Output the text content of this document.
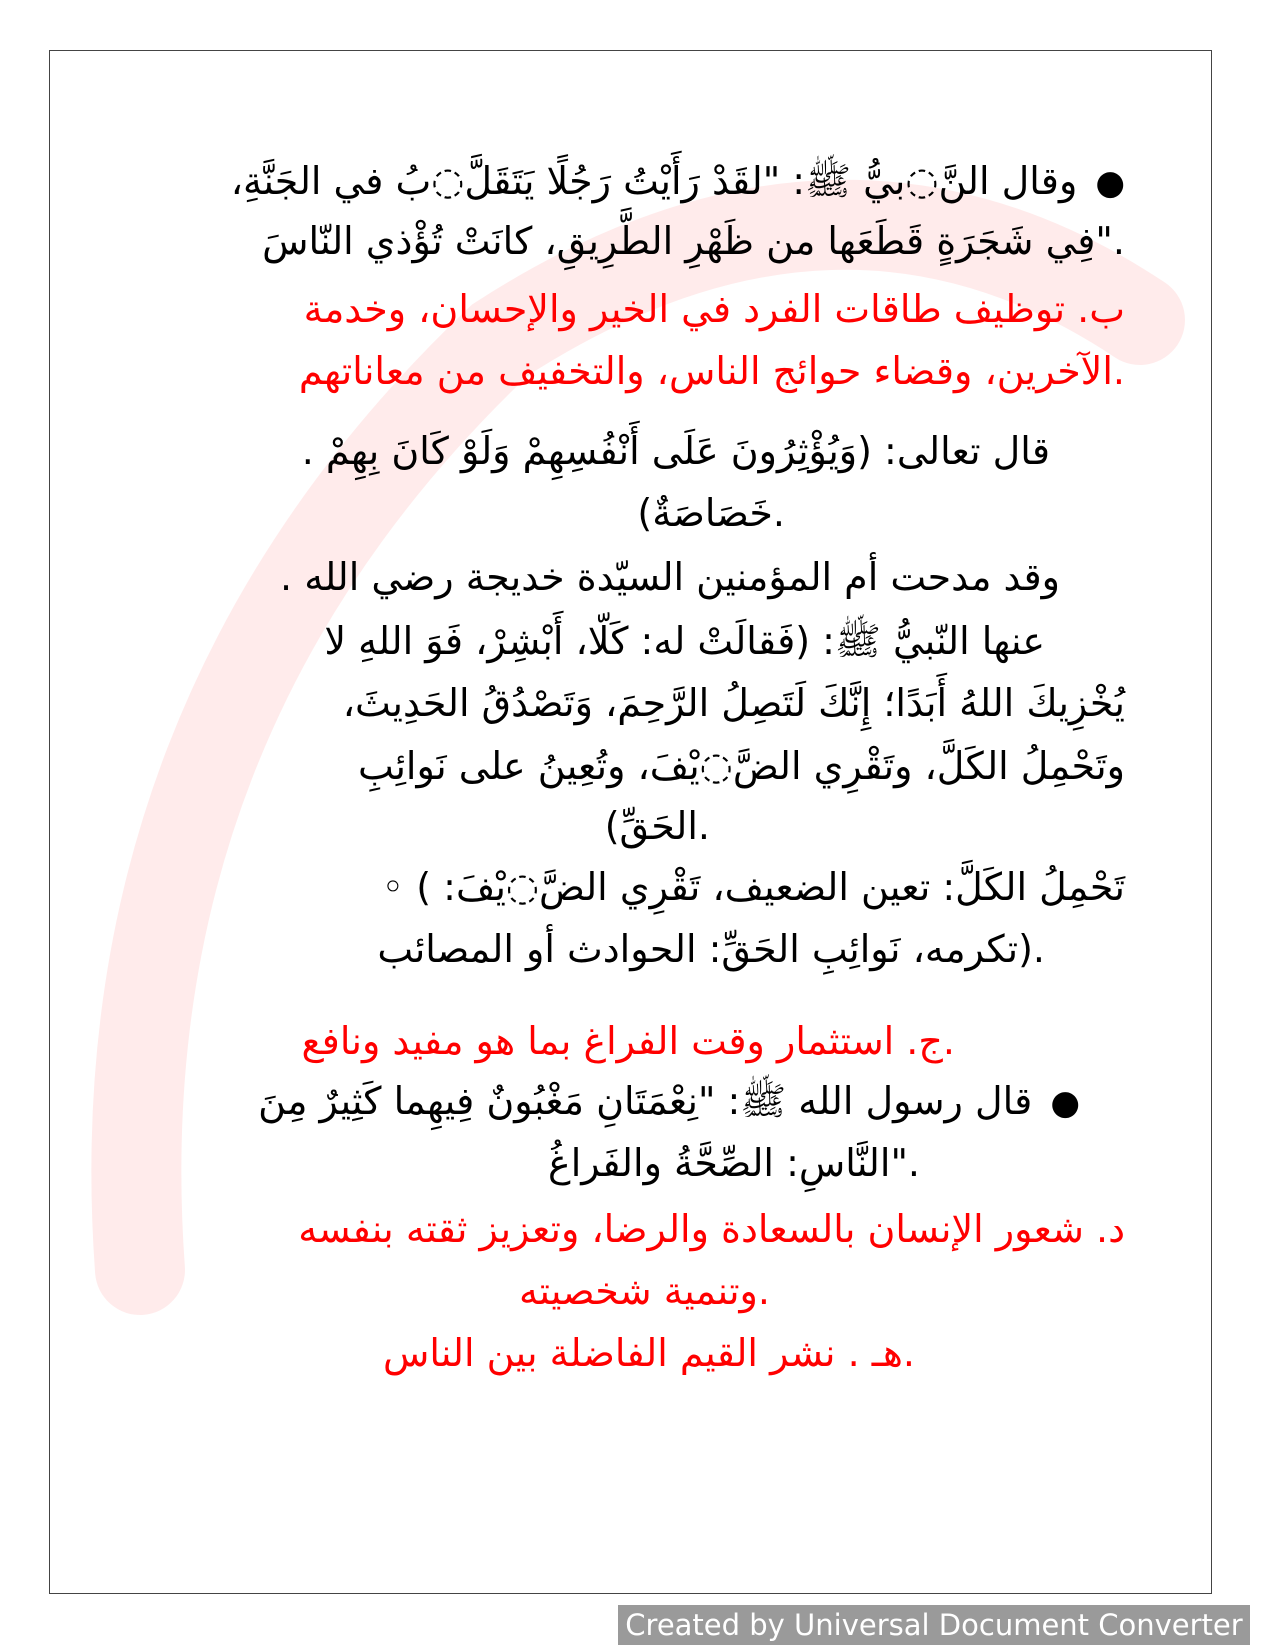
●وقال النَّ◌بيُّ ﷺ: "لقَدْ رَأَيْتُ رَجُلًا يَتَقَلَّ◌بُ في الجَنَّةِ،
."فِي شَجَرَةٍ قَطَعَها من ظَهْرِ الطَّرِيقِ، كانَتْ تُؤْذي النّاسَ
ب. توظيف طاقات الفرد في الخير والإحسان، وخدمة
.الآخرين، وقضاء حوائج الناس، والتخفيف من معاناتهم
قال تعالى: (وَيُؤْثِرُونَ عَلَى أَنْفُسِهِمْ وَلَوْ كَانَ بِهِمْ .
.خَصَاصَةٌ)
وقد مدحت أم المؤمنين السيّدة خديجة رضي الله .
عنها النّبيُّ ﷺ: (فَقالَتْ له: كَلّا، أَبْشِرْ، فَوَ اللهِ لا
يُخْزِيكَ اللهُ أَبَدًا؛ إِنَّكَ لَتَصِلُ الرَّحِمَ، وَتَصْدُقُ الحَدِيثَ،
وتَحْمِلُ الكَلَّ، وتَقْرِي الضَّ◌يْفَ، وتُعِينُ على نَوائِبِ
.الحَقِّ)
تَحْمِلُ الكَلَّ: تعين الضعيف، تَقْرِي الضَّ◌يْفَ: ) ◦
.(تكرمه، نَوائِبِ الحَقِّ: الحوادث أو المصائب
.ج. استثمار وقت الفراغ بما هو مفيد ونافع
●قال رسول الله ﷺ: "نِعْمَتَانِ مَغْبُونٌ فِيهِما كَثِيرٌ مِنَ
."النَّاسِ: الصِّحَّةُ والفَراغُ
د. شعور الإنسان بالسعادة والرضا، وتعزيز ثقته بنفسه
.وتنمية شخصيته
.هـ . نشر القيم الفاضلة بين الناس
Created by Universal Document Converter
